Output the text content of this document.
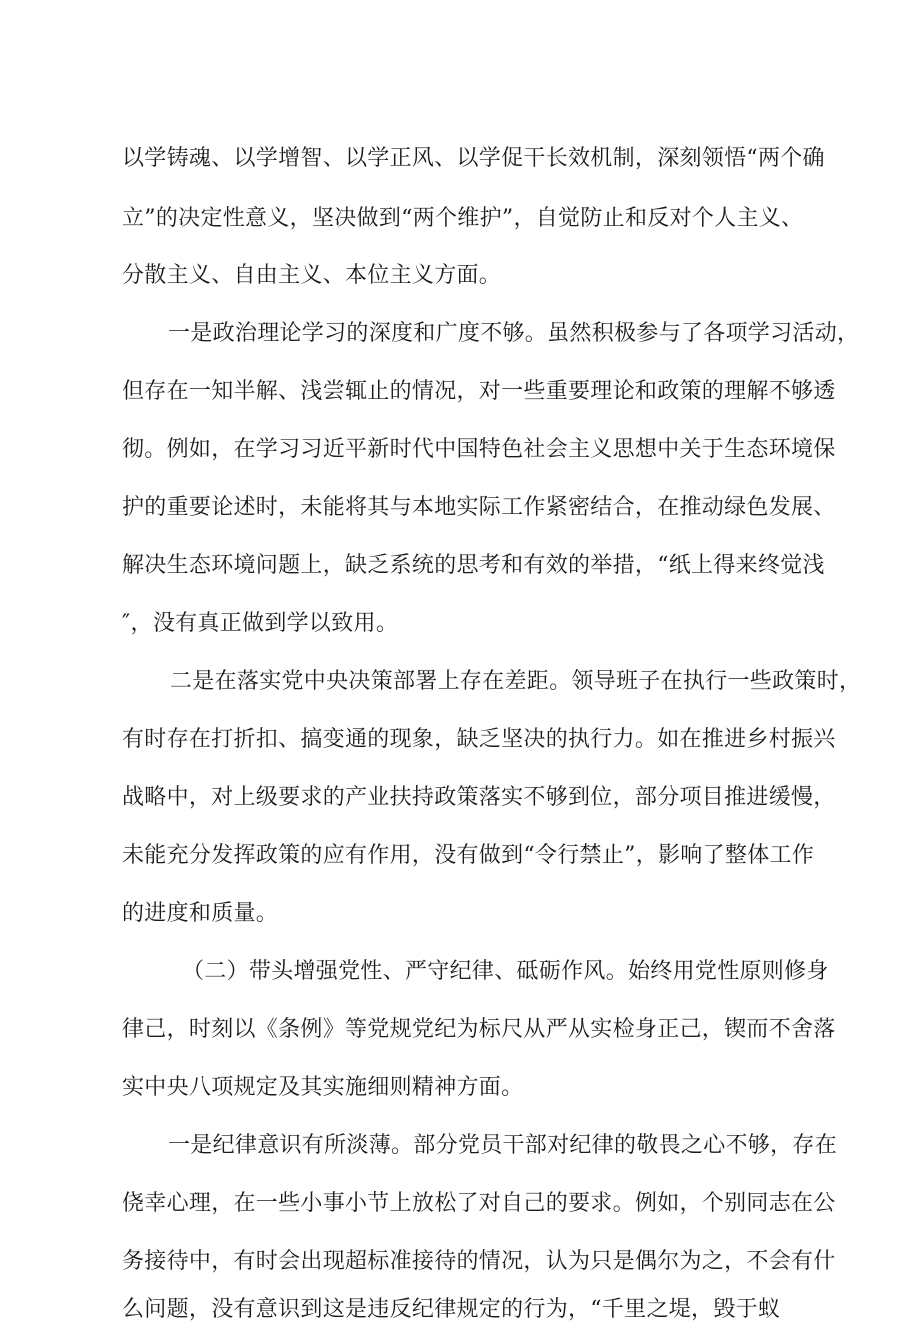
以学铸魂、以学增智、以学正风、以学促干长效机制，深刻领悟“两个确
立”的决定性意义，坚决做到“两个维护”，自觉防止和反对个人主义、
分散主义、自由主义、本位主义方面。
一是政治理论学习的深度和广度不够。虽然积极参与了各项学习活动，
但存在一知半解、浅尝辄止的情况，对一些重要理论和政策的理解不够透
彻。例如，在学习习近平新时代中国特色社会主义思想中关于生态环境保
护的重要论述时，未能将其与本地实际工作紧密结合，在推动绿色发展、
解决生态环境问题上，缺乏系统的思考和有效的举措，“纸上得来终觉浅
″，没有真正做到学以致用。
二是在落实党中央决策部署上存在差距。领导班子在执行一些政策时，
有时存在打折扣、搞变通的现象，缺乏坚决的执行力。如在推进乡村振兴
战略中，对上级要求的产业扶持政策落实不够到位，部分项目推进缓慢，
未能充分发挥政策的应有作用，没有做到“令行禁止”，影响了整体工作
的进度和质量。
（二）带头增强党性、严守纪律、砥砺作风。始终用党性原则修身
律己，时刻以《条例》等党规党纪为标尺从严从实检身正己，锲而不舍落
实中央八项规定及其实施细则精神方面。
一是纪律意识有所淡薄。部分党员干部对纪律的敬畏之心不够，存在
侥幸心理，在一些小事小节上放松了对自己的要求。例如，个别同志在公
务接待中，有时会出现超标准接待的情况，认为只是偶尔为之，不会有什
么问题，没有意识到这是违反纪律规定的行为，“千里之堤，毁于蚁
